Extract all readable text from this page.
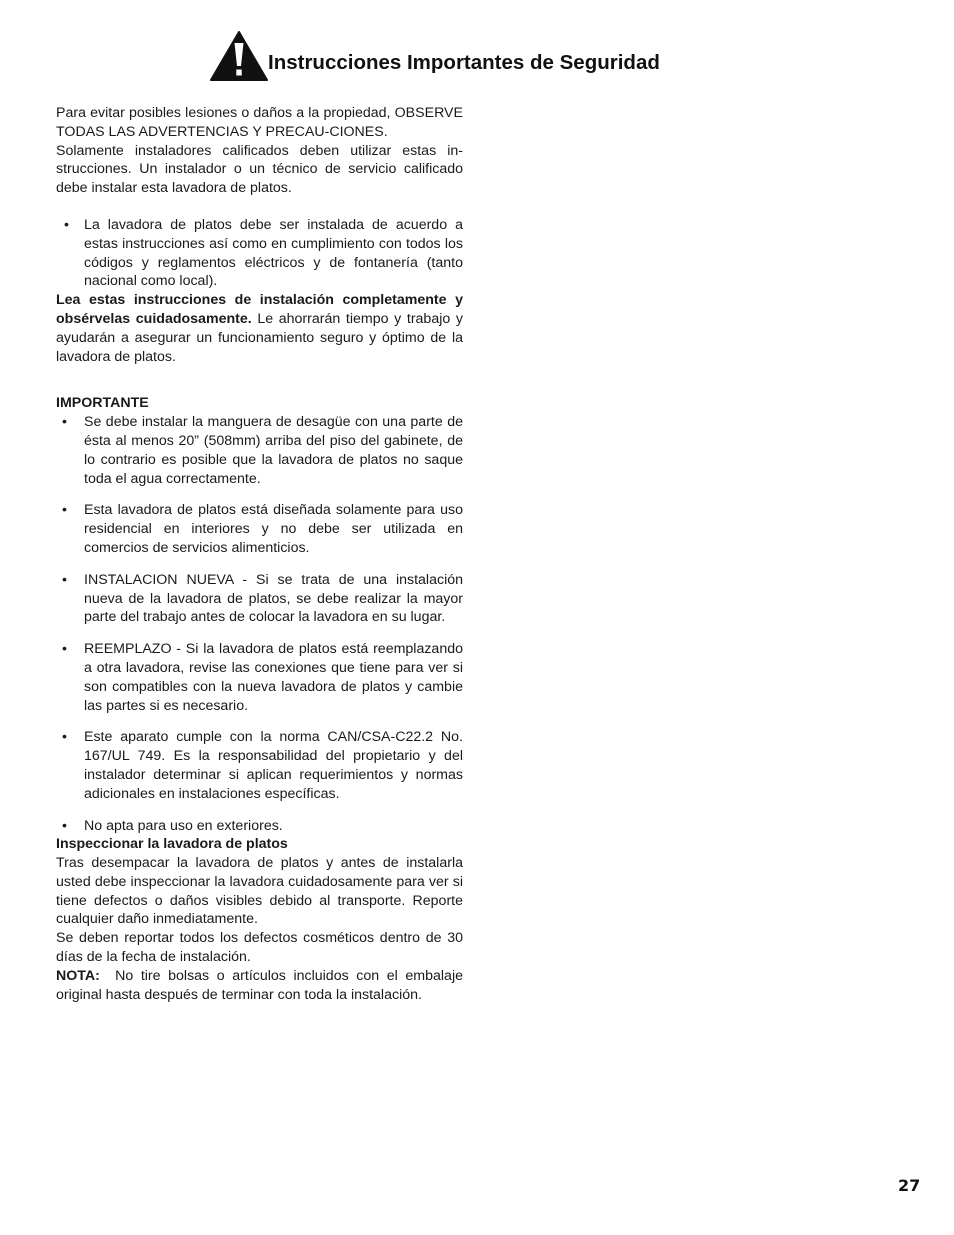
Instrucciones Importantes de Seguridad

Para evitar posibles lesiones o daños a la propiedad, OBSERVE TODAS LAS ADVERTENCIAS Y PRECAU-CIONES.

Solamente instaladores calificados deben utilizar estas in-strucciones. Un instalador o un técnico de servicio calificado debe instalar esta lavadora de platos.

• La lavadora de platos debe ser instalada de acuerdo a estas instrucciones así como en cumplimiento con todos los códigos y reglamentos eléctricos y de fontanería (tanto nacional como local).

Lea estas instrucciones de instalación completamente y obsérvelas cuidadosamente. Le ahorrarán tiempo y trabajo y ayudarán a asegurar un funcionamiento seguro y óptimo de la lavadora de platos.

IMPORTANTE

• Se debe instalar la manguera de desagüe con una parte de ésta al menos 20” (508mm) arriba del piso del gabinete, de lo contrario es posible que la lavadora de platos no saque toda el agua correctamente.
• Esta lavadora de platos está diseñada solamente para uso residencial en interiores y no debe ser utilizada en comercios de servicios alimenticios.
• INSTALACION NUEVA - Si se trata de una instalación nueva de la lavadora de platos, se debe realizar la mayor parte del trabajo antes de colocar la lavadora en su lugar.
• REEMPLAZO - Si la lavadora de platos está reemplazando a otra lavadora, revise las conexiones que tiene para ver si son compatibles con la nueva lavadora de platos y cambie las partes si es necesario.
• Este aparato cumple con la norma CAN/CSA-C22.2 No. 167/UL 749. Es la responsabilidad del propietario y del instalador determinar si aplican requerimientos y normas adicionales en instalaciones específicas.
• No apta para uso en exteriores.

Inspeccionar la lavadora de platos

Tras desempacar la lavadora de platos y antes de instalarla usted debe inspeccionar la lavadora cuidadosamente para ver si tiene defectos o daños visibles debido al transporte. Reporte cualquier daño inmediatamente.

Se deben reportar todos los defectos cosméticos dentro de 30 días de la fecha de instalación.

NOTA:  No tire bolsas o artículos incluidos con el embalaje original hasta después de terminar con toda la instalación.

27
